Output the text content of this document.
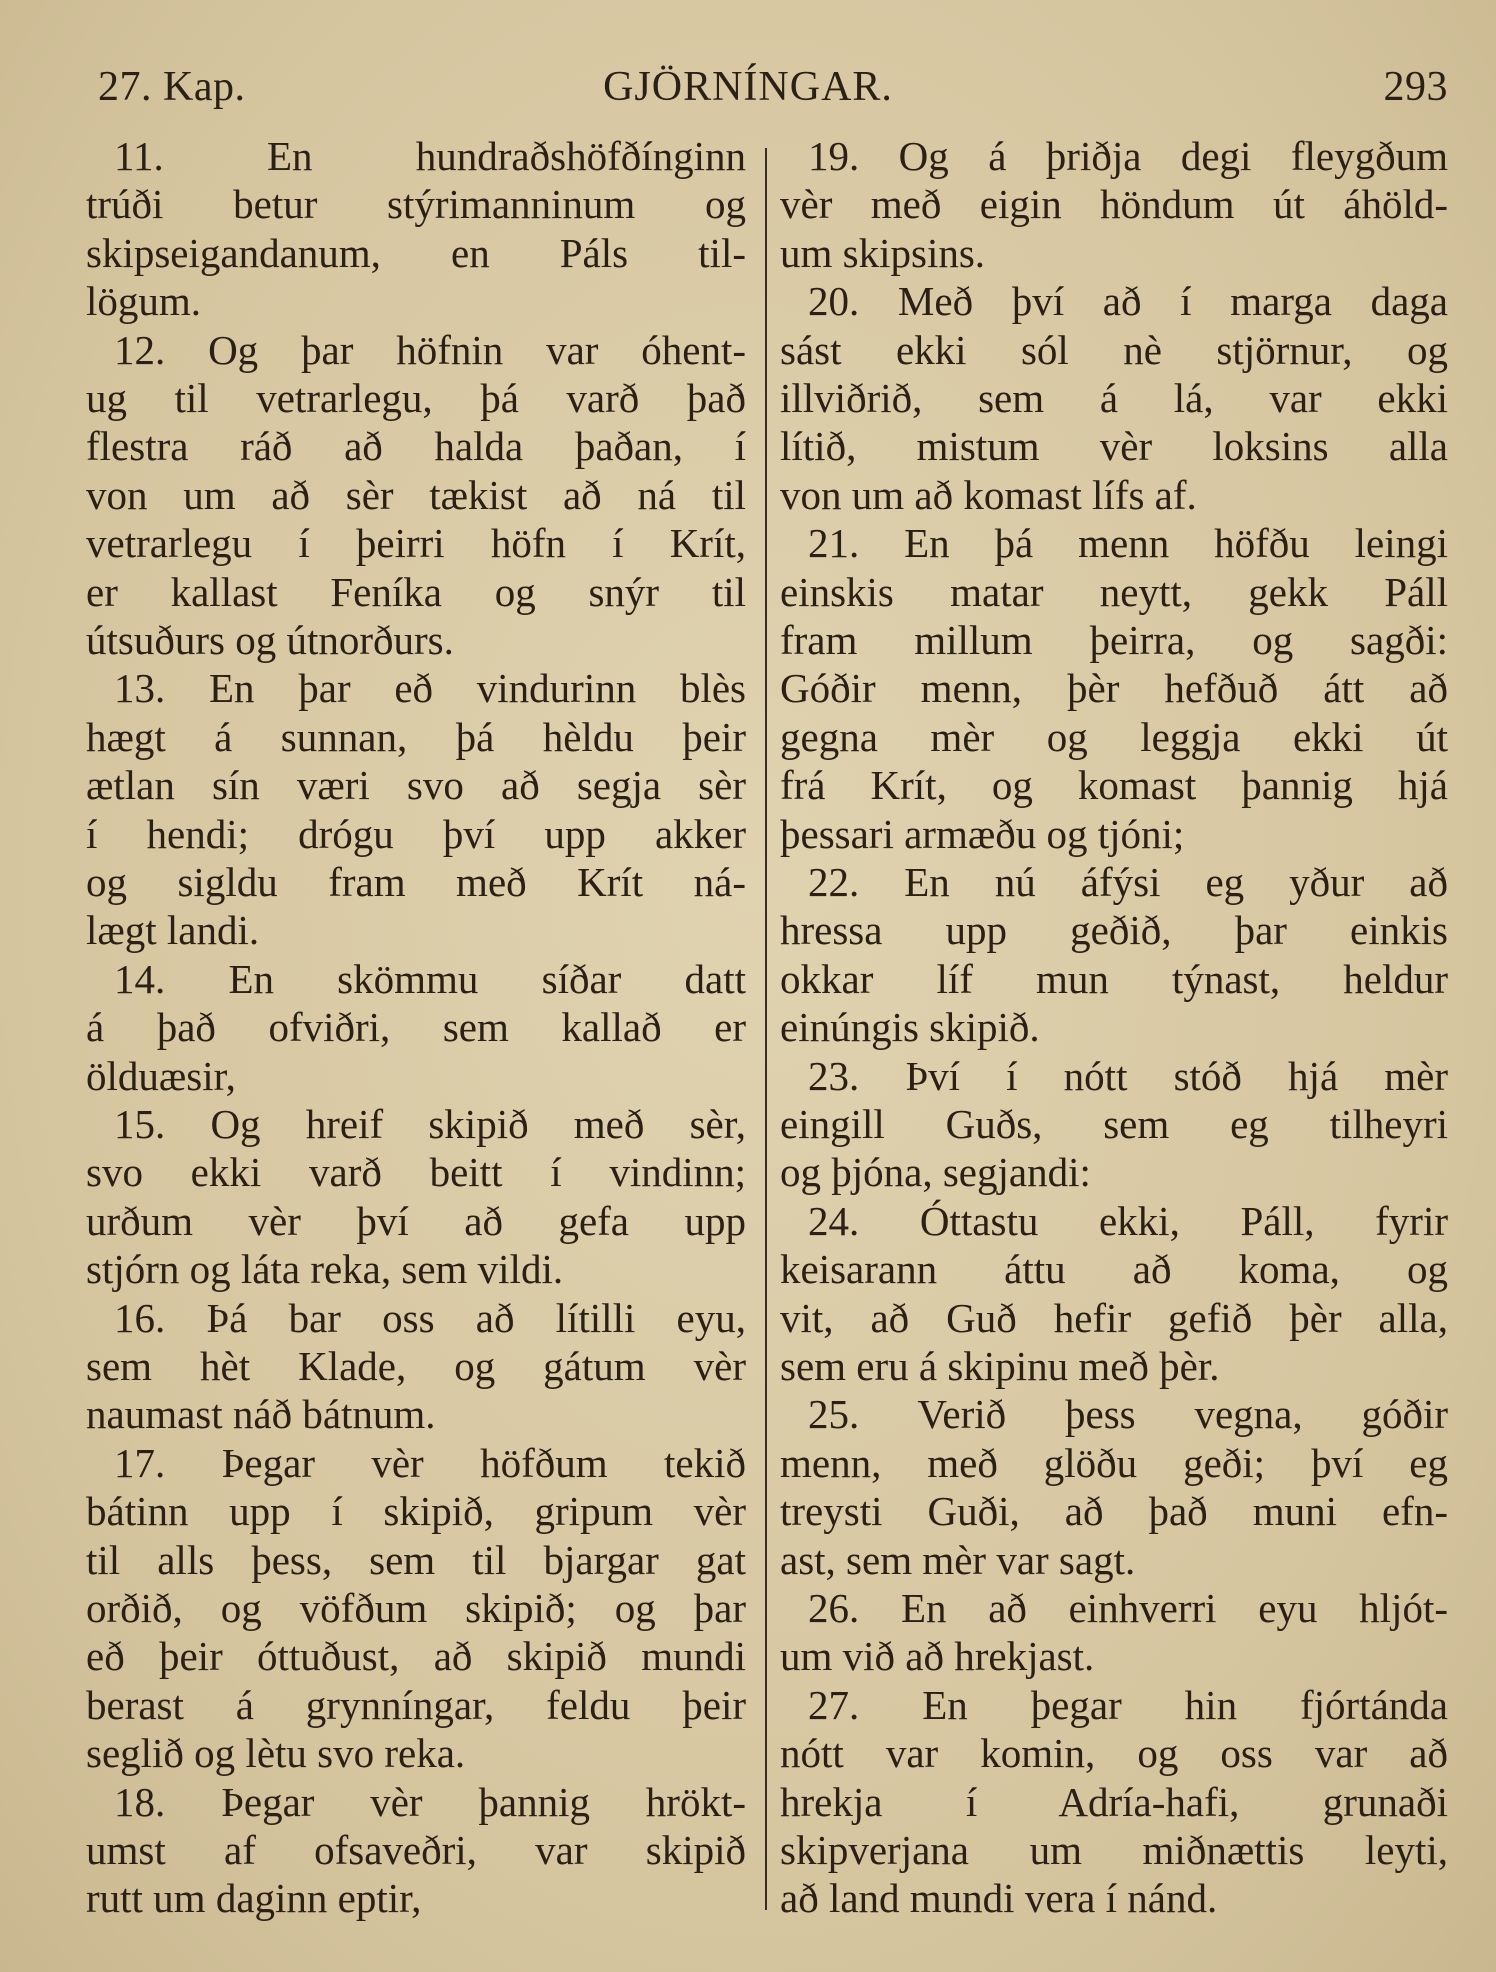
27. Kap.	GJÖRNÍNGAR.	293
11. En hundraðshöfðínginn
trúði betur stýrimanninum og
skipseigandanum, en Páls til-
lögum.
12. Og þar höfnin var óhent-
ug til vetrarlegu, þá varð það
flestra ráð að halda þaðan, í
von um að sèr tækist að ná til
vetrarlegu í þeirri höfn í Krít,
er kallast Feníka og snýr til
útsuðurs og útnorðurs.
13. En þar eð vindurinn blès
hægt á sunnan, þá hèldu þeir
ætlan sín væri svo að segja sèr
í hendi; drógu því upp akker
og sigldu fram með Krít ná-
lægt landi.
14. En skömmu síðar datt
á það ofviðri, sem kallað er
ölduæsir,
15. Og hreif skipið með sèr,
svo ekki varð beitt í vindinn;
urðum vèr því að gefa upp
stjórn og láta reka, sem vildi.
16. Þá bar oss að lítilli eyu,
sem hèt Klade, og gátum vèr
naumast náð bátnum.
17. Þegar vèr höfðum tekið
bátinn upp í skipið, gripum vèr
til alls þess, sem til bjargar gat
orðið, og vöfðum skipið; og þar
eð þeir óttuðust, að skipið mundi
berast á grynníngar, feldu þeir
seglið og lètu svo reka.
18. Þegar vèr þannig hrökt-
umst af ofsaveðri, var skipið
rutt um daginn eptir,
19. Og á þriðja degi fleygðum
vèr með eigin höndum út áhöld-
um skipsins.
20. Með því að í marga daga
sást ekki sól nè stjörnur, og
illviðrið, sem á lá, var ekki
lítið, mistum vèr loksins alla
von um að komast lífs af.
21. En þá menn höfðu leingi
einskis matar neytt, gekk Páll
fram millum þeirra, og sagði:
Góðir menn, þèr hefðuð átt að
gegna mèr og leggja ekki út
frá Krít, og komast þannig hjá
þessari armæðu og tjóni;
22. En nú áfýsi eg yður að
hressa upp geðið, þar einkis
okkar líf mun týnast, heldur
einúngis skipið.
23. Því í nótt stóð hjá mèr
eingill Guðs, sem eg tilheyri
og þjóna, segjandi:
24. Óttastu ekki, Páll, fyrir
keisarann áttu að koma, og
vit, að Guð hefir gefið þèr alla,
sem eru á skipinu með þèr.
25. Verið þess vegna, góðir
menn, með glöðu geði; því eg
treysti Guði, að það muni efn-
ast, sem mèr var sagt.
26. En að einhverri eyu hljót-
um við að hrekjast.
27. En þegar hin fjórtánda
nótt var komin, og oss var að
hrekja í Adría-hafi, grunaði
skipverjana um miðnættis leyti,
að land mundi vera í nánd.
